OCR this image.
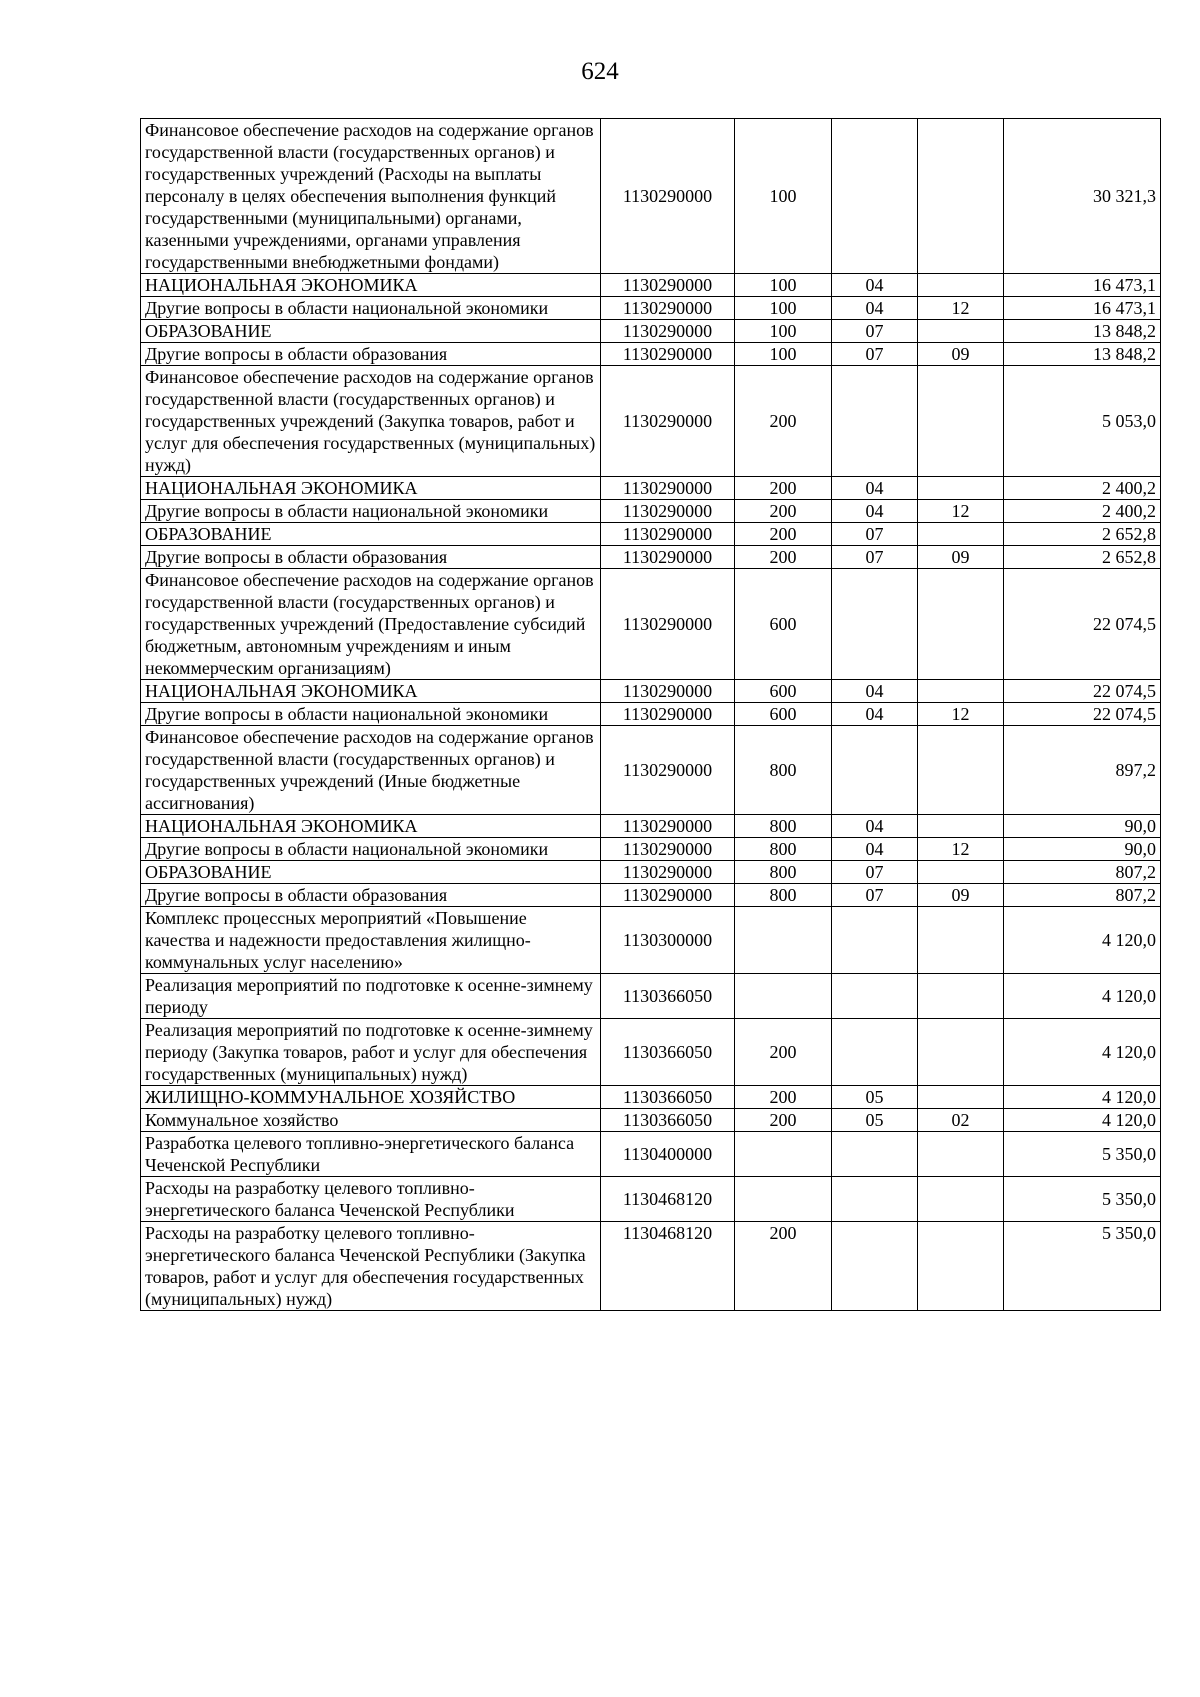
624
Финансовое обеспечение расходов на содержание органов государственной власти (государственных органов) и государственных учреждений (Расходы на выплаты персоналу в целях обеспечения выполнения функций государственными (муниципальными) органами, казенными учреждениями, органами управления государственными внебюджетными фондами)	1130290000	100			30 321,3
НАЦИОНАЛЬНАЯ ЭКОНОМИКА	1130290000	100	04		16 473,1
Другие вопросы в области национальной экономики	1130290000	100	04	12	16 473,1
ОБРАЗОВАНИЕ	1130290000	100	07		13 848,2
Другие вопросы в области образования	1130290000	100	07	09	13 848,2
Финансовое обеспечение расходов на содержание органов государственной власти (государственных органов) и государственных учреждений (Закупка товаров, работ и услуг для обеспечения государственных (муниципальных) нужд)	1130290000	200			5 053,0
НАЦИОНАЛЬНАЯ ЭКОНОМИКА	1130290000	200	04		2 400,2
Другие вопросы в области национальной экономики	1130290000	200	04	12	2 400,2
ОБРАЗОВАНИЕ	1130290000	200	07		2 652,8
Другие вопросы в области образования	1130290000	200	07	09	2 652,8
Финансовое обеспечение расходов на содержание органов государственной власти (государственных органов) и государственных учреждений (Предоставление субсидий бюджетным, автономным учреждениям и иным некоммерческим организациям)	1130290000	600			22 074,5
НАЦИОНАЛЬНАЯ ЭКОНОМИКА	1130290000	600	04		22 074,5
Другие вопросы в области национальной экономики	1130290000	600	04	12	22 074,5
Финансовое обеспечение расходов на содержание органов государственной власти (государственных органов) и государственных учреждений (Иные бюджетные ассигнования)	1130290000	800			897,2
НАЦИОНАЛЬНАЯ ЭКОНОМИКА	1130290000	800	04		90,0
Другие вопросы в области национальной экономики	1130290000	800	04	12	90,0
ОБРАЗОВАНИЕ	1130290000	800	07		807,2
Другие вопросы в области образования	1130290000	800	07	09	807,2
Комплекс процессных мероприятий «Повышение качества и надежности предоставления жилищно-коммунальных услуг населению»	1130300000				4 120,0
Реализация мероприятий по подготовке к осенне-зимнему периоду	1130366050				4 120,0
Реализация мероприятий по подготовке к осенне-зимнему периоду (Закупка товаров, работ и услуг для обеспечения государственных (муниципальных) нужд)	1130366050	200			4 120,0
ЖИЛИЩНО-КОММУНАЛЬНОЕ ХОЗЯЙСТВО	1130366050	200	05		4 120,0
Коммунальное хозяйство	1130366050	200	05	02	4 120,0
Разработка целевого топливно-энергетического баланса Чеченской Республики	1130400000				5 350,0
Расходы на разработку целевого топливно-энергетического баланса Чеченской Республики	1130468120				5 350,0
Расходы на разработку целевого топливно-энергетического баланса Чеченской Республики (Закупка товаров, работ и услуг для обеспечения государственных (муниципальных) нужд)	1130468120	200			5 350,0
